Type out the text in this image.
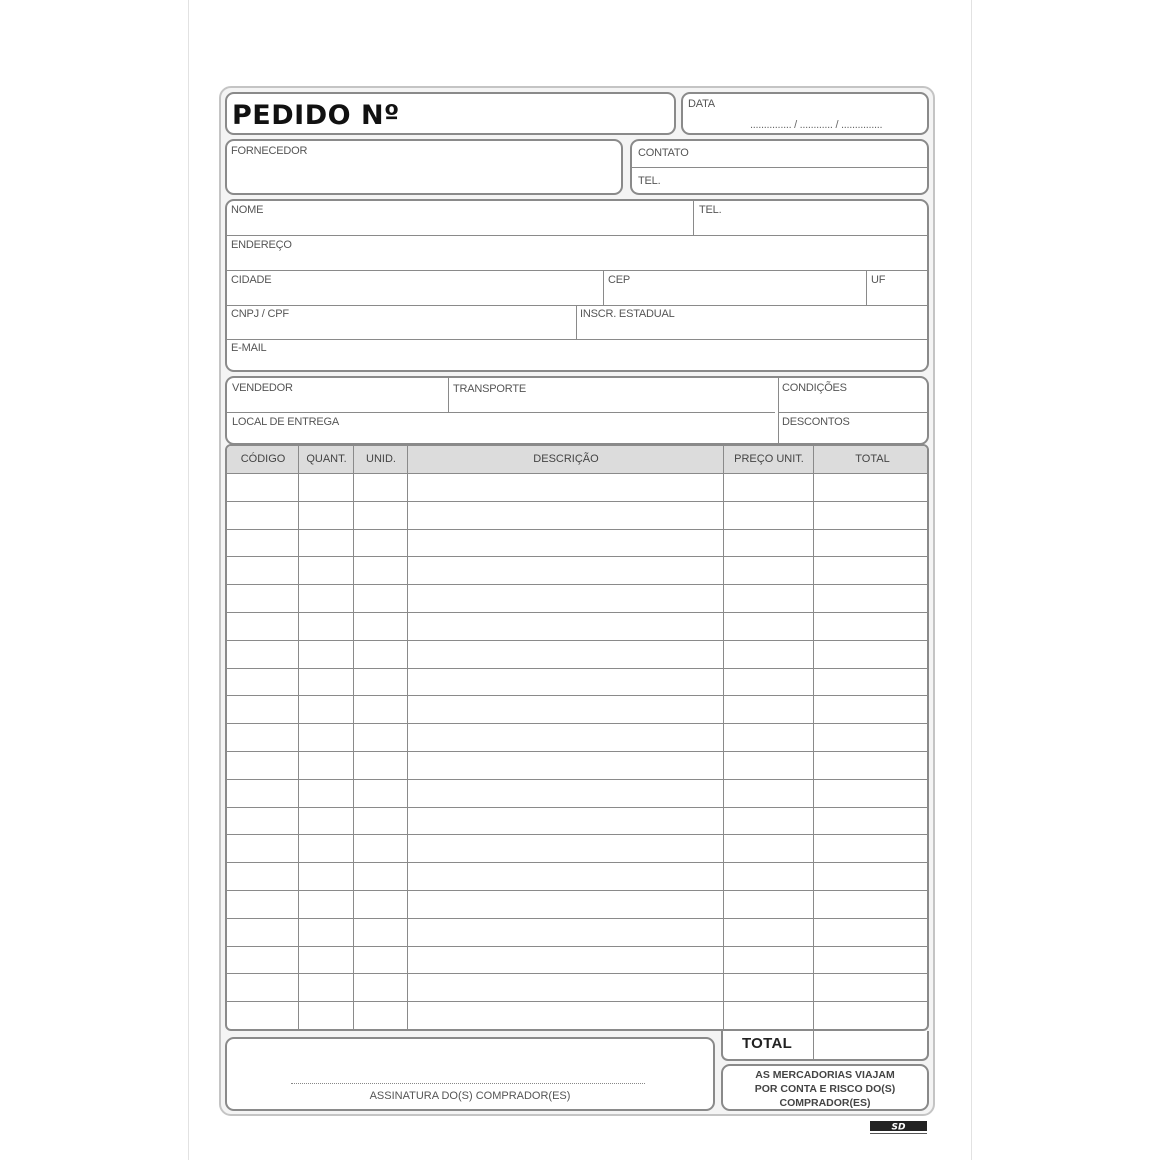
PEDIDO Nº	DATA
............... / ............ / ...............
FORNECEDOR	CONTATO
TEL.
NOME	TEL.
ENDEREÇO
CIDADE	CEP	UF
CNPJ / CPF	INSCR. ESTADUAL
E-MAIL
VENDEDOR	TRANSPORTE	CONDIÇÕES
LOCAL DE ENTREGA	DESCONTOS
CÓDIGO	QUANT.	UNID.	DESCRIÇÃO	PREÇO UNIT.	TOTAL
ASSINATURA DO(S) COMPRADOR(ES)
TOTAL
AS MERCADORIAS VIAJAM
POR CONTA E RISCO DO(S)
COMPRADOR(ES)
SD
